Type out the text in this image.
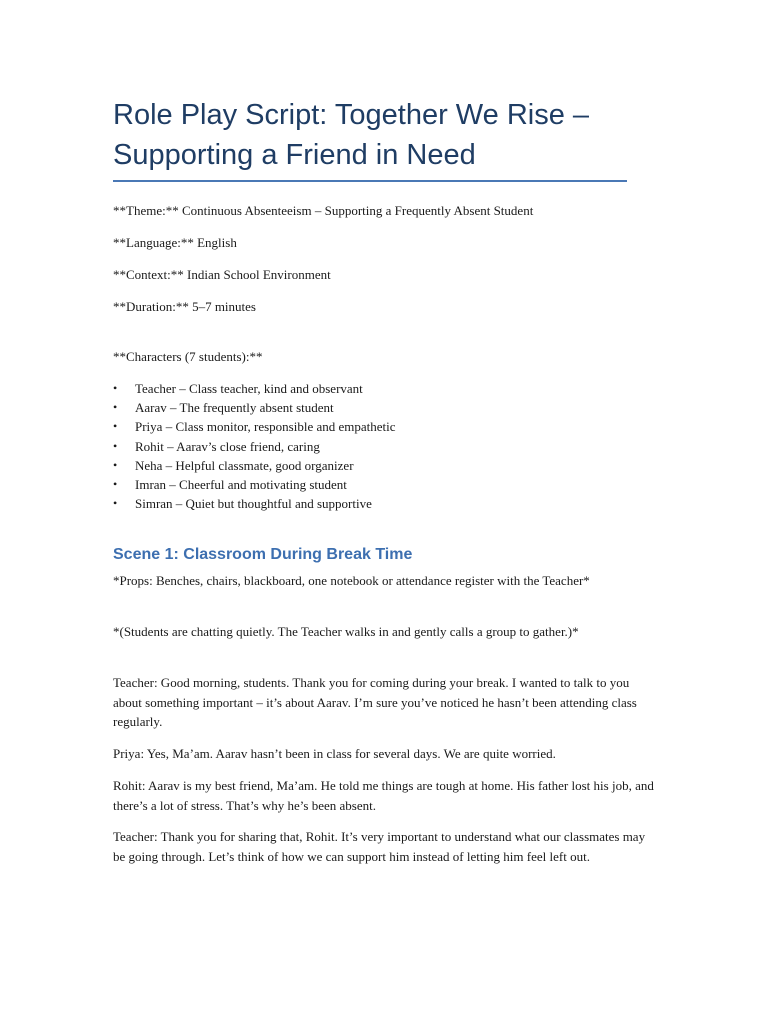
Role Play Script: Together We Rise – Supporting a Friend in Need

**Theme:** Continuous Absenteeism – Supporting a Frequently Absent Student

**Language:** English

**Context:** Indian School Environment

**Duration:** 5–7 minutes

**Characters (7 students):**

• Teacher – Class teacher, kind and observant
• Aarav – The frequently absent student
• Priya – Class monitor, responsible and empathetic
• Rohit – Aarav’s close friend, caring
• Neha – Helpful classmate, good organizer
• Imran – Cheerful and motivating student
• Simran – Quiet but thoughtful and supportive
Scene 1: Classroom During Break Time

*Props: Benches, chairs, blackboard, one notebook or attendance register with the Teacher*

*(Students are chatting quietly. The Teacher walks in and gently calls a group to gather.)*

Teacher: Good morning, students. Thank you for coming during your break. I wanted to talk to you about something important – it’s about Aarav. I’m sure you’ve noticed he hasn’t been attending class regularly.

Priya: Yes, Ma’am. Aarav hasn’t been in class for several days. We are quite worried.

Rohit: Aarav is my best friend, Ma’am. He told me things are tough at home. His father lost his job, and there’s a lot of stress. That’s why he’s been absent.

Teacher: Thank you for sharing that, Rohit. It’s very important to understand what our classmates may be going through. Let’s think of how we can support him instead of letting him feel left out.
